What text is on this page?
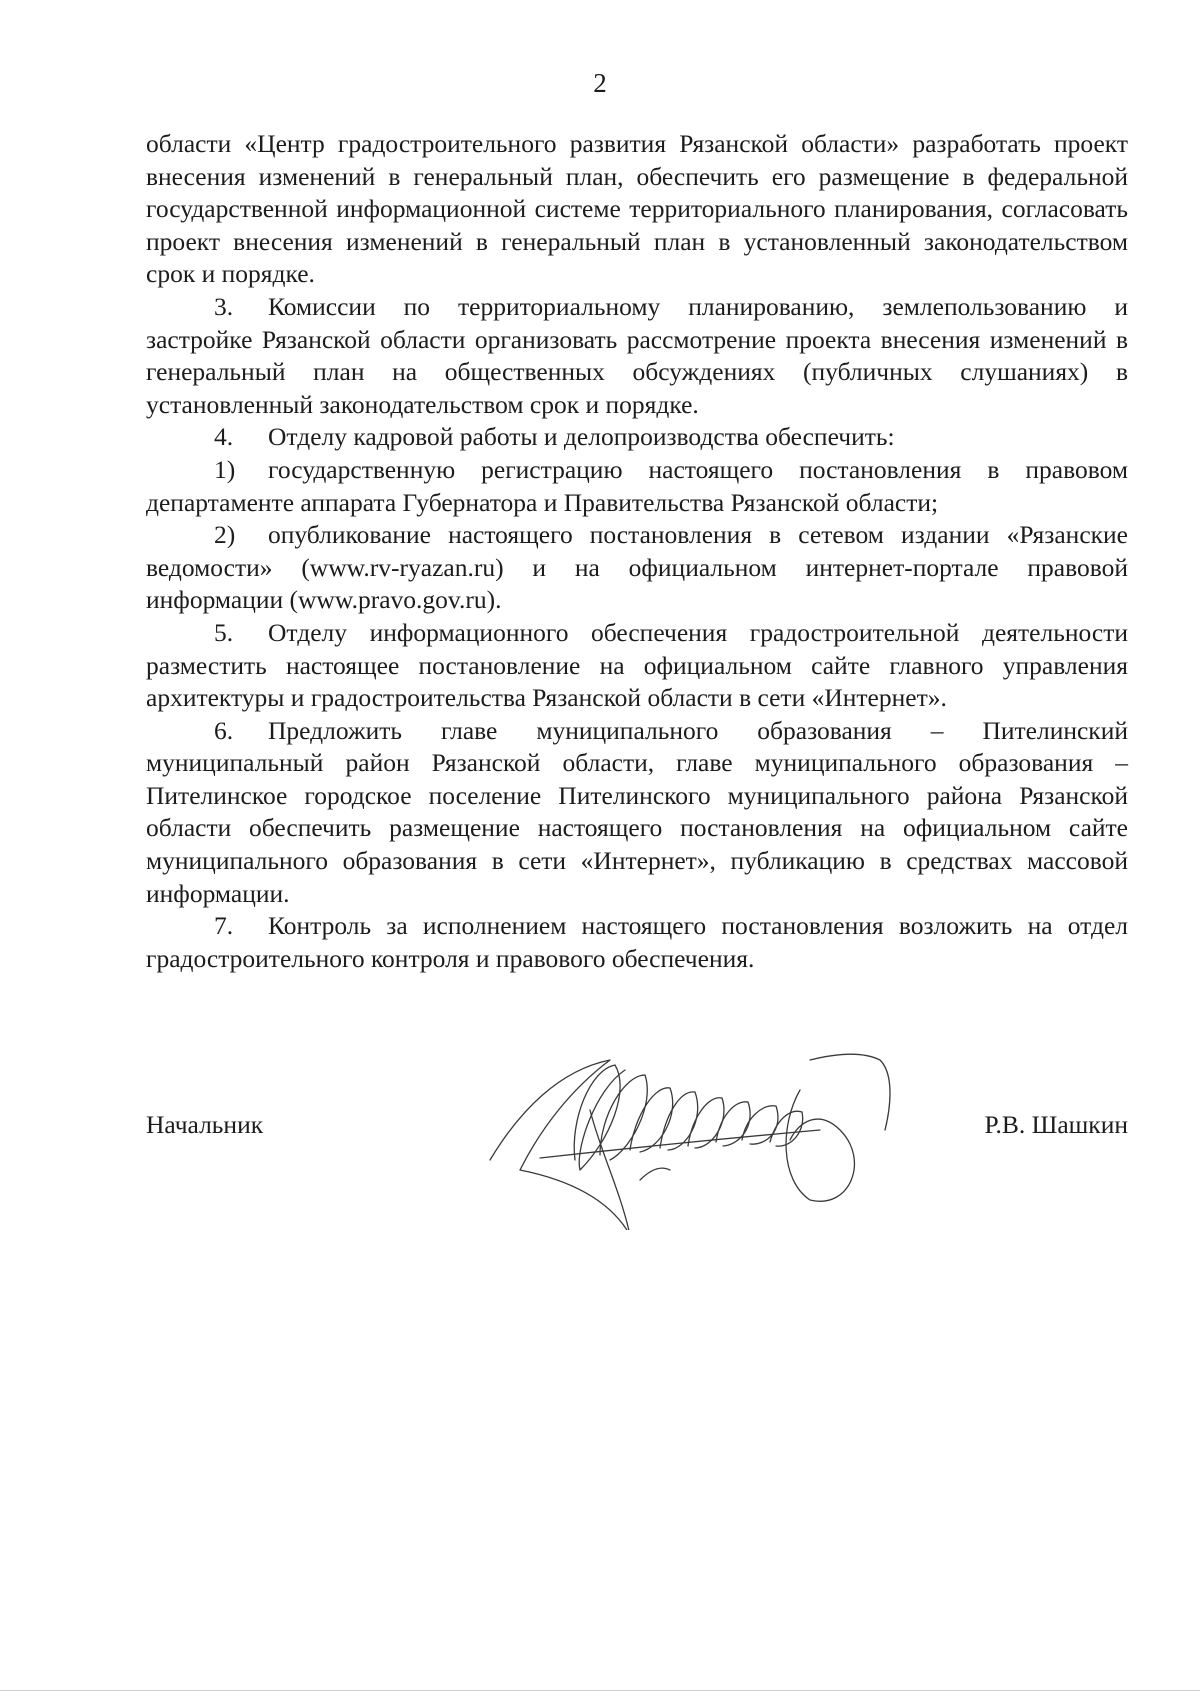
2

области «Центр градостроительного развития Рязанской области» разработать проект внесения изменений в генеральный план, обеспечить его размещение в федеральной государственной информационной системе территориального планирования, согласовать проект внесения изменений в генеральный план в установленный законодательством срок и порядке.

3. Комиссии по территориальному планированию, землепользованию и застройке Рязанской области организовать рассмотрение проекта внесения изменений в генеральный план на общественных обсуждениях (публичных слушаниях) в установленный законодательством срок и порядке.

4. Отделу кадровой работы и делопроизводства обеспечить:

1) государственную регистрацию настоящего постановления в правовом департаменте аппарата Губернатора и Правительства Рязанской области;

2) опубликование настоящего постановления в сетевом издании «Рязанские ведомости» (www.rv-ryazan.ru) и на официальном интернет-портале правовой информации (www.pravo.gov.ru).

5. Отделу информационного обеспечения градостроительной деятельности разместить настоящее постановление на официальном сайте главного управления архитектуры и градостроительства Рязанской области в сети «Интернет».

6. Предложить главе муниципального образования – Пителинский муниципальный район Рязанской области, главе муниципального образования – Пителинское городское поселение Пителинского муниципального района Рязанской области обеспечить размещение настоящего постановления на официальном сайте муниципального образования в сети «Интернет», публикацию в средствах массовой информации.

7. Контроль за исполнением настоящего постановления возложить на отдел градостроительного контроля и правового обеспечения.

Начальник	Р.В. Шашкин
